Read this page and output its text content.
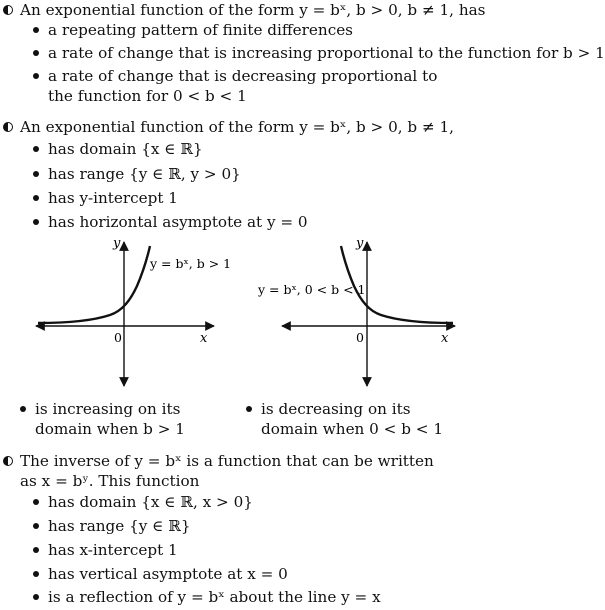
An exponential function of the form y = bˣ, b > 0, b ≠ 1, has
a repeating pattern of finite differences
a rate of change that is increasing proportional to the function for b > 1
a rate of change that is decreasing proportional to the function for 0 < b < 1
An exponential function of the form y = bˣ, b > 0, b ≠ 1,
has domain {x ∈ ℝ}
has range {y ∈ ℝ, y > 0}
has y-intercept 1
has horizontal asymptote at y = 0
y
y = bˣ, b > 1
0	x
y
y = bˣ, 0 < b < 1
0	x
is increasing on its domain when b > 1
is decreasing on its domain when 0 < b < 1
The inverse of y = bˣ is a function that can be written as x = bʸ. This function
has domain {x ∈ ℝ, x > 0}
has range {y ∈ ℝ}
has x-intercept 1
has vertical asymptote at x = 0
is a reflection of y = bˣ about the line y = x
